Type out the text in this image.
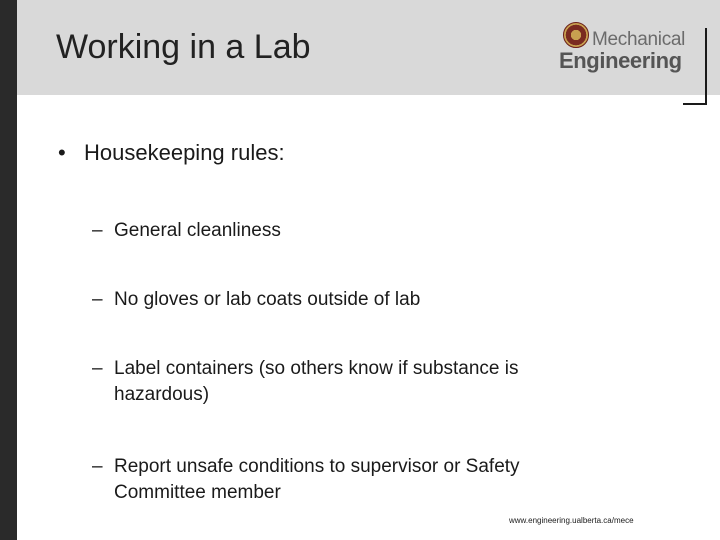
Working in a Lab	Mechanical
Engineering
• Housekeeping rules:
– General cleanliness
– No gloves or lab coats outside of lab
– Label containers (so others know if substance is hazardous)
– Report unsafe conditions to supervisor or Safety Committee member
www.engineering.ualberta.ca/mece
